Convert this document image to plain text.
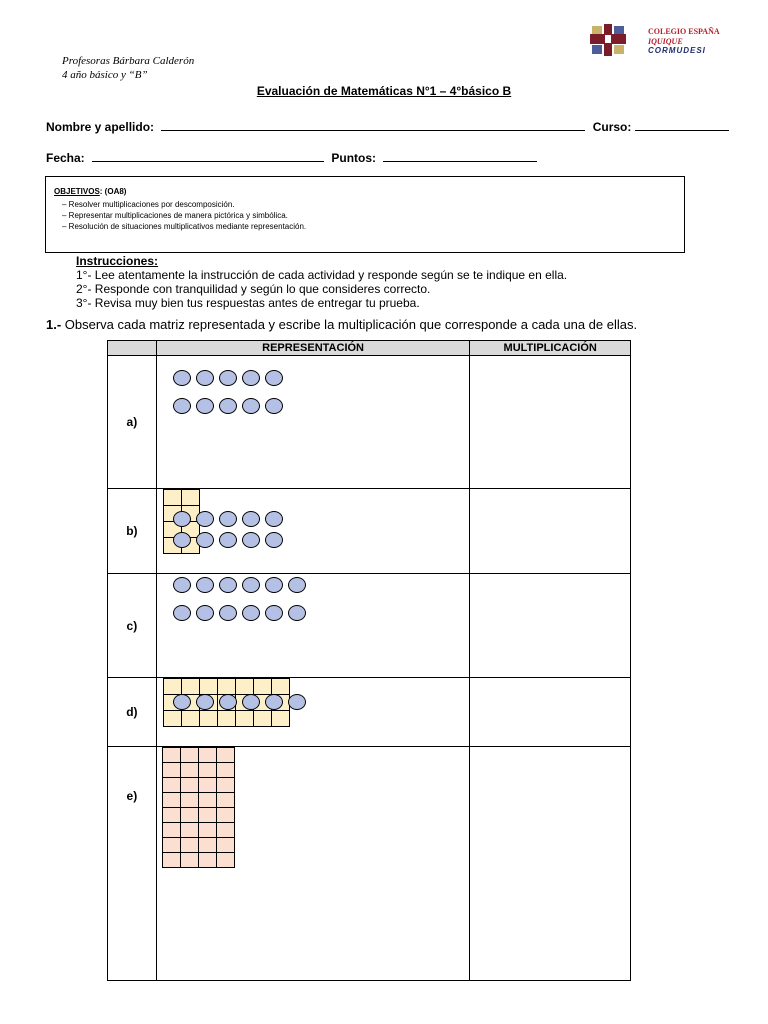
Profesoras Bárbara Calderón
4 año básico y “B”
COLEGIO ESPAÑA
IQUIQUE
CORMUDESI
Evaluación de Matemáticas N°1 – 4°básico B
Nombre y apellido:	Curso:
Fecha:	Puntos:
OBJETIVOS: (OA8)
– Resolver multiplicaciones por descomposición.
– Representar multiplicaciones de manera pictórica y simbólica.
– Resolución de situaciones multiplicativos mediante representación.
Instrucciones:
1°- Lee atentamente la instrucción de cada actividad y responde según se te indique en ella.
2°- Responde con tranquilidad y según lo que consideres correcto.
3°- Revisa muy bien tus respuestas antes de entregar tu prueba.
1.- Observa cada matriz representada y escribe la multiplicación que corresponde a cada una de ellas.
	REPRESENTACIÓN	MULTIPLICACIÓN
a)	

b)	

c)	

d)	

e)	
